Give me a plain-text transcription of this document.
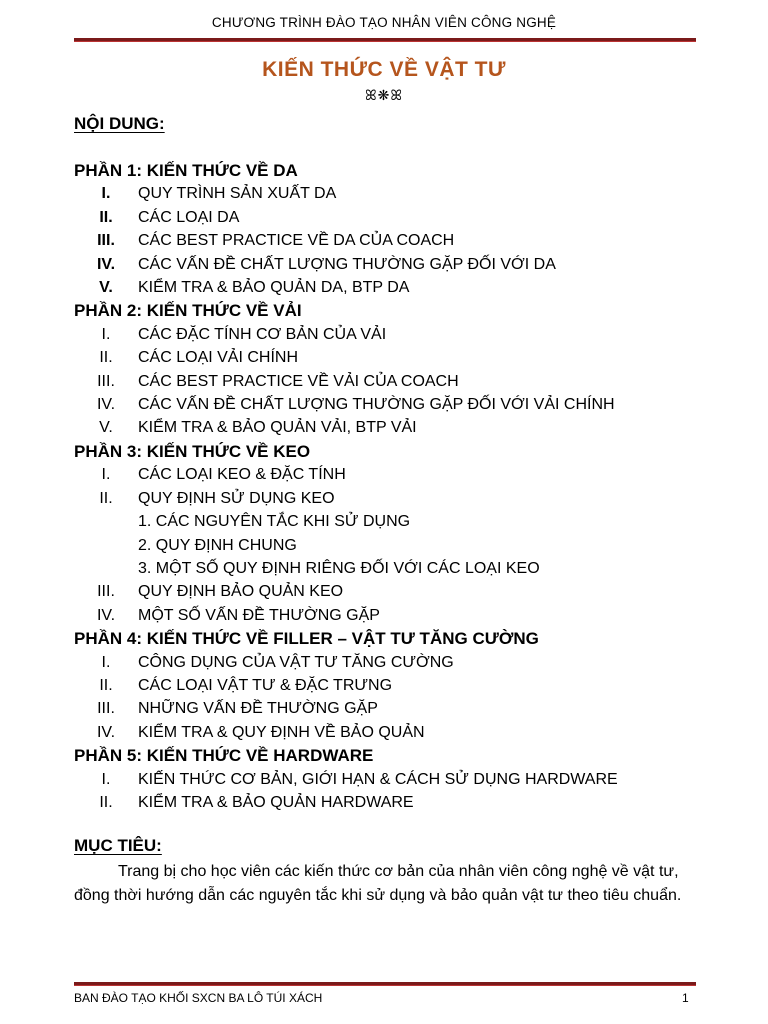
CHƯƠNG TRÌNH ĐÀO TẠO NHÂN VIÊN CÔNG NGHỆ
KIẾN THỨC VỀ VẬT TƯ
ꕤ❋ꕤ
NỘI DUNG:
PHẦN 1: KIẾN THỨC VỀ DA
I.	QUY TRÌNH SẢN XUẤT DA
II.	CÁC LOẠI DA
III.	CÁC BEST PRACTICE VỀ DA CỦA COACH
IV.	CÁC VẤN ĐỀ CHẤT LƯỢNG THƯỜNG GẶP ĐỐI VỚI DA
V.	KIỂM TRA & BẢO QUẢN DA, BTP DA
PHẦN 2: KIẾN THỨC VỀ VẢI
I.	CÁC ĐẶC TÍNH CƠ BẢN CỦA VẢI
II.	CÁC LOẠI VẢI CHÍNH
III.	CÁC BEST PRACTICE VỀ VẢI CỦA COACH
IV.	CÁC VẤN ĐỀ CHẤT LƯỢNG THƯỜNG GẶP ĐỐI VỚI VẢI CHÍNH
V.	KIỂM TRA & BẢO QUẢN VẢI, BTP VẢI
PHẦN 3: KIẾN THỨC VỀ KEO
I.	CÁC LOẠI KEO & ĐẶC TÍNH
II.	QUY ĐỊNH SỬ DỤNG KEO
1. CÁC NGUYÊN TẮC KHI SỬ DỤNG
2. QUY ĐỊNH CHUNG
3. MỘT SỐ QUY ĐỊNH RIÊNG ĐỐI VỚI CÁC LOẠI KEO
III.	QUY ĐỊNH BẢO QUẢN KEO
IV.	MỘT SỐ VẤN ĐỀ THƯỜNG GẶP
PHẦN 4: KIẾN THỨC VỀ FILLER – VẬT TƯ TĂNG CƯỜNG
I.	CÔNG DỤNG CỦA VẬT TƯ TĂNG CƯỜNG
II.	CÁC LOẠI VẬT TƯ & ĐẶC TRƯNG
III.	NHỮNG VẤN ĐỀ THƯỜNG GẶP
IV.	KIỂM TRA & QUY ĐỊNH VỀ BẢO QUẢN
PHẦN 5: KIẾN THỨC VỀ HARDWARE
I.	KIẾN THỨC CƠ BẢN, GIỚI HẠN & CÁCH SỬ DỤNG HARDWARE
II.	KIỂM TRA & BẢO QUẢN HARDWARE
MỤC TIÊU:
Trang bị cho học viên các kiến thức cơ bản của nhân viên công nghệ về vật tư, đồng thời hướng dẫn các nguyên tắc khi sử dụng và bảo quản vật tư theo tiêu chuẩn.
BAN ĐÀO TẠO KHỐI SXCN BA LÔ TÚI XÁCH	1
